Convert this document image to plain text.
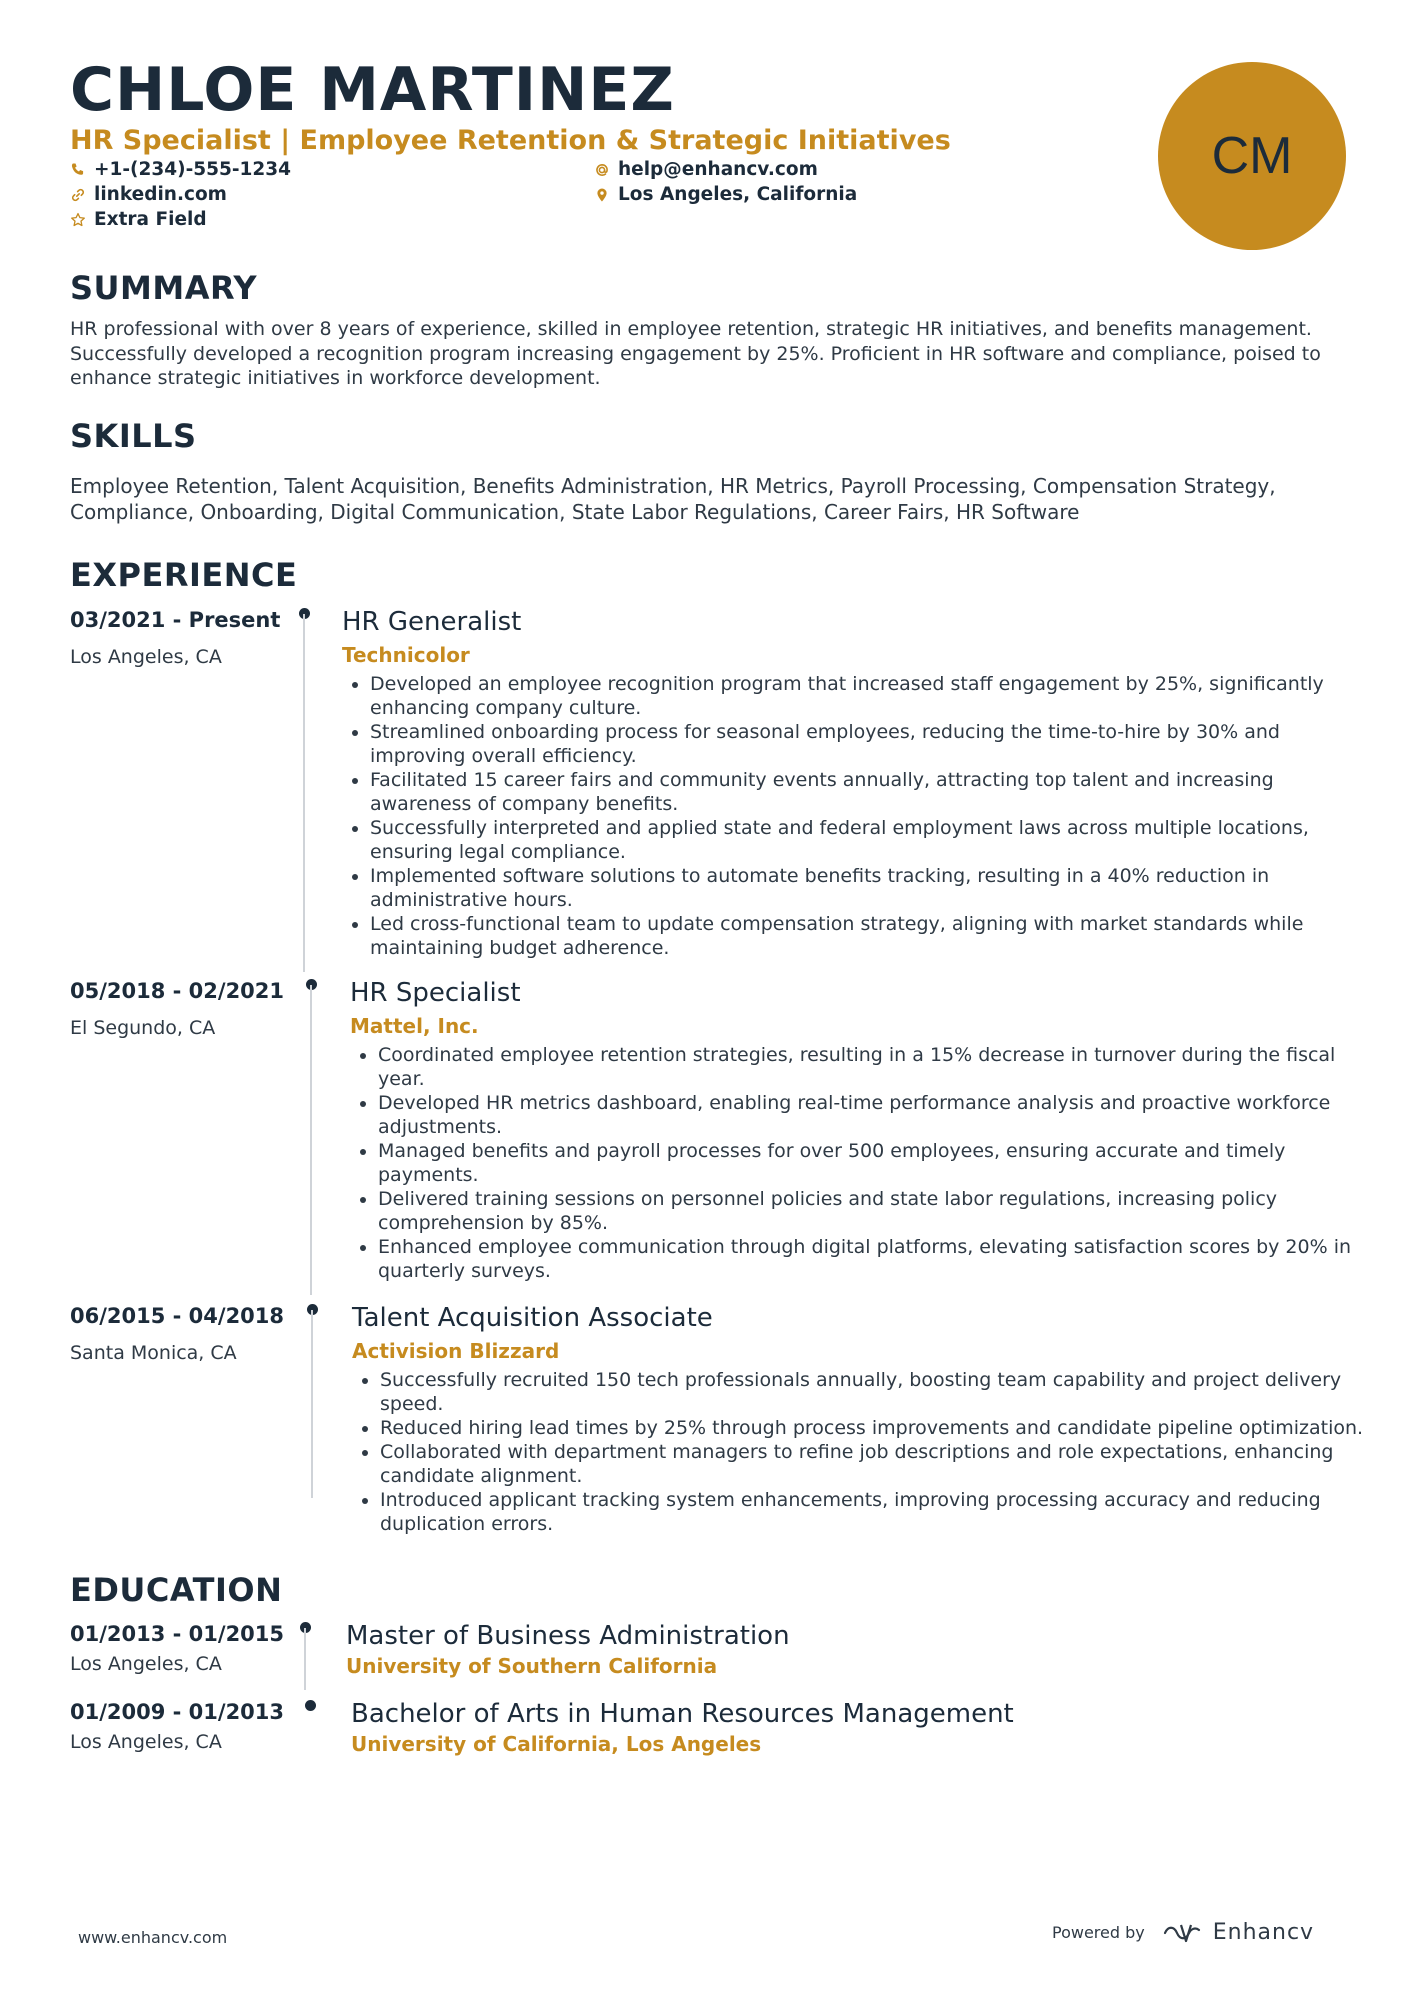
CHLOE MARTINEZ
HR Specialist | Employee Retention & Strategic Initiatives
+1-(234)-555-1234	help@enhancv.com
linkedin.com	Los Angeles, California
Extra Field
CM
SUMMARY
HR professional with over 8 years of experience, skilled in employee retention, strategic HR initiatives, and benefits management.
Successfully developed a recognition program increasing engagement by 25%. Proficient in HR software and compliance, poised to
enhance strategic initiatives in workforce development.
SKILLS
Employee Retention, Talent Acquisition, Benefits Administration, HR Metrics, Payroll Processing, Compensation Strategy,
Compliance, Onboarding, Digital Communication, State Labor Regulations, Career Fairs, HR Software
EXPERIENCE
03/2021 - Present
Los Angeles, CA
HR Generalist
Technicolor
• Developed an employee recognition program that increased staff engagement by 25%, significantly enhancing company culture.
• Streamlined onboarding process for seasonal employees, reducing the time-to-hire by 30% and improving overall efficiency.
• Facilitated 15 career fairs and community events annually, attracting top talent and increasing awareness of company benefits.
• Successfully interpreted and applied state and federal employment laws across multiple locations, ensuring legal compliance.
• Implemented software solutions to automate benefits tracking, resulting in a 40% reduction in administrative hours.
• Led cross-functional team to update compensation strategy, aligning with market standards while maintaining budget adherence.
05/2018 - 02/2021
El Segundo, CA
HR Specialist
Mattel, Inc.
• Coordinated employee retention strategies, resulting in a 15% decrease in turnover during the fiscal year.
• Developed HR metrics dashboard, enabling real-time performance analysis and proactive workforce adjustments.
• Managed benefits and payroll processes for over 500 employees, ensuring accurate and timely payments.
• Delivered training sessions on personnel policies and state labor regulations, increasing policy comprehension by 85%.
• Enhanced employee communication through digital platforms, elevating satisfaction scores by 20% in quarterly surveys.
06/2015 - 04/2018
Santa Monica, CA
Talent Acquisition Associate
Activision Blizzard
• Successfully recruited 150 tech professionals annually, boosting team capability and project delivery speed.
• Reduced hiring lead times by 25% through process improvements and candidate pipeline optimization.
• Collaborated with department managers to refine job descriptions and role expectations, enhancing candidate alignment.
• Introduced applicant tracking system enhancements, improving processing accuracy and reducing duplication errors.
EDUCATION
01/2013 - 01/2015
Los Angeles, CA
Master of Business Administration
University of Southern California
01/2009 - 01/2013
Los Angeles, CA
Bachelor of Arts in Human Resources Management
University of California, Los Angeles
www.enhancv.com	Powered by	Enhancv
